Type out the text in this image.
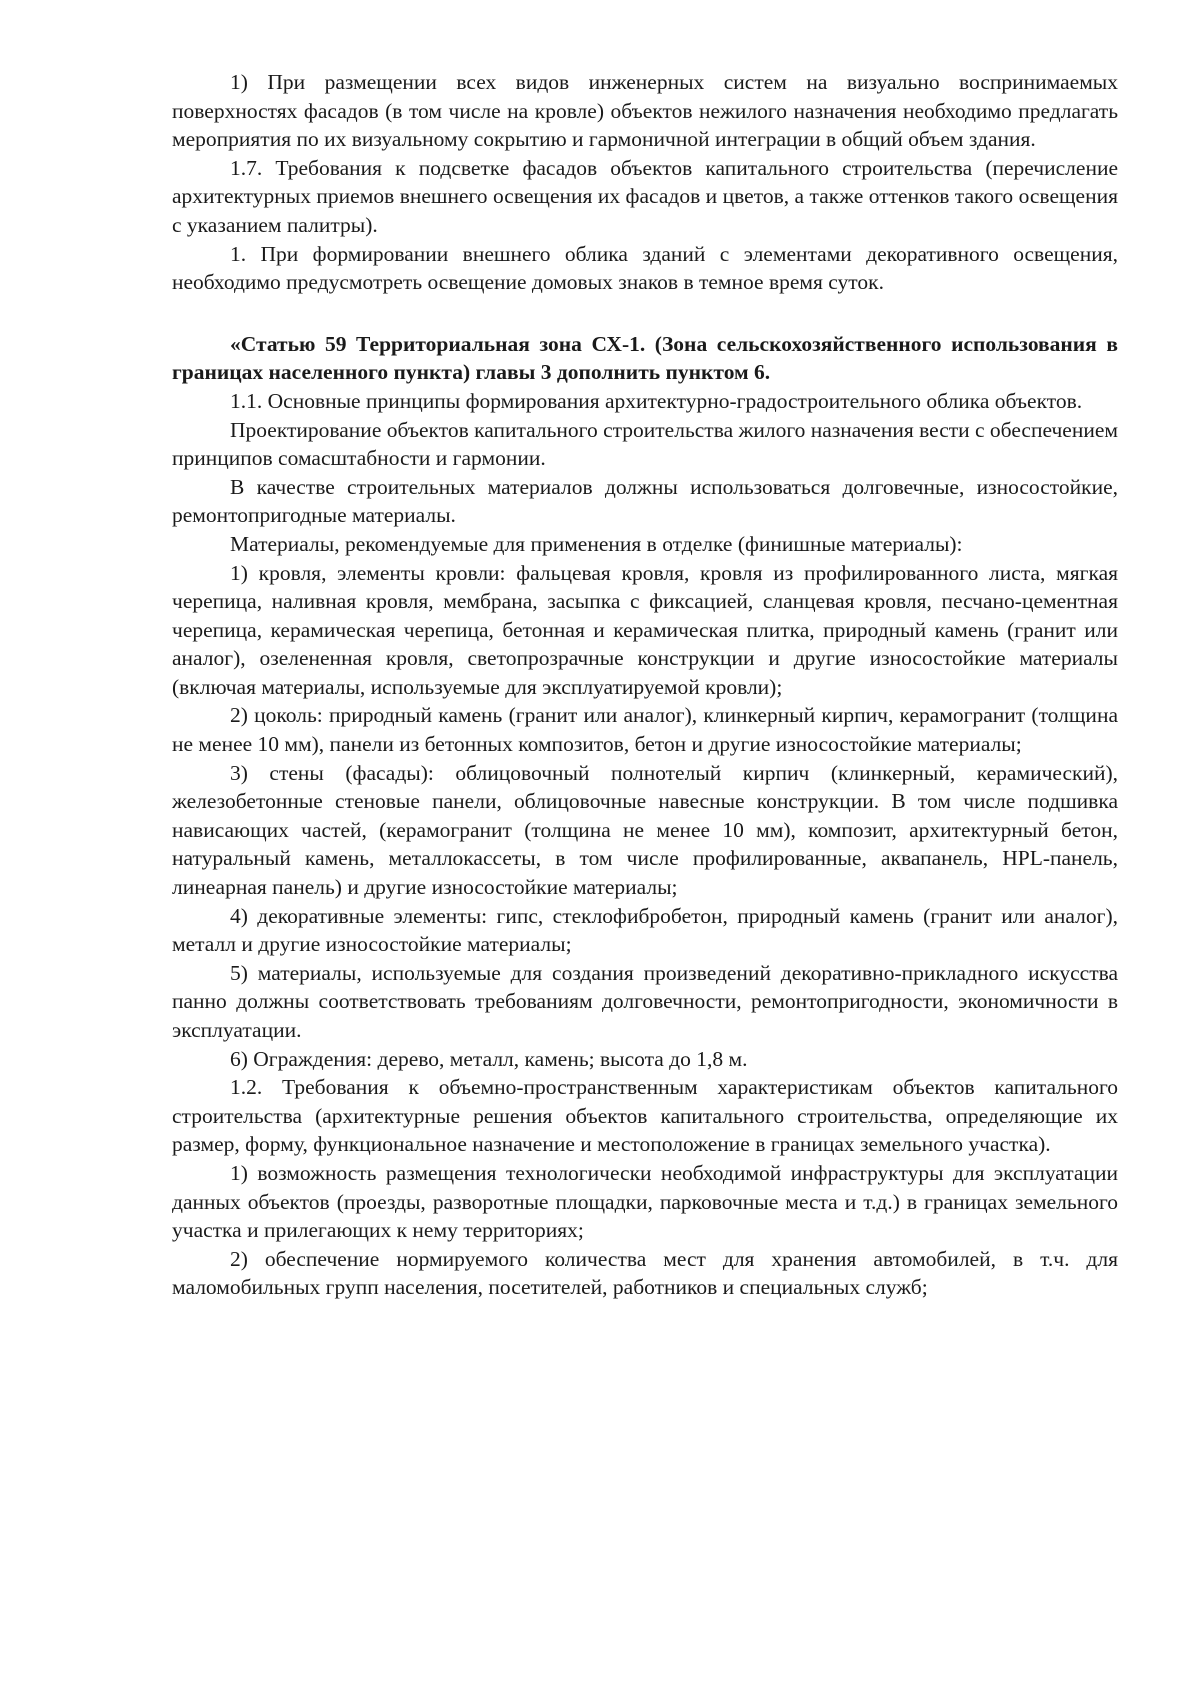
1) При размещении всех видов инженерных систем на визуально воспринимаемых поверхностях фасадов (в том числе на кровле) объектов нежилого назначения необходимо предлагать мероприятия по их визуальному сокрытию и гармоничной интеграции в общий объем здания.

1.7. Требования к подсветке фасадов объектов капитального строительства (перечисление архитектурных приемов внешнего освещения их фасадов и цветов, а также оттенков такого освещения с указанием палитры).

1. При формировании внешнего облика зданий с элементами декоративного освещения, необходимо предусмотреть освещение домовых знаков в темное время суток.

«Статью 59 Территориальная зона СХ-1. (Зона сельскохозяйственного использования в границах населенного пункта) главы 3 дополнить пунктом 6.

1.1. Основные принципы формирования архитектурно-градостроительного облика объектов.

Проектирование объектов капитального строительства жилого назначения вести с обеспечением принципов сомасштабности и гармонии.

В качестве строительных материалов должны использоваться долговечные, износостойкие, ремонтопригодные материалы.

Материалы, рекомендуемые для применения в отделке (финишные материалы):

1) кровля, элементы кровли: фальцевая кровля, кровля из профилированного листа, мягкая черепица, наливная кровля, мембрана, засыпка с фиксацией, сланцевая кровля, песчано-цементная черепица, керамическая черепица, бетонная и керамическая плитка, природный камень (гранит или аналог), озелененная кровля, светопрозрачные конструкции и другие износостойкие материалы (включая материалы, используемые для эксплуатируемой кровли);

2) цоколь: природный камень (гранит или аналог), клинкерный кирпич, керамогранит (толщина не менее 10 мм), панели из бетонных композитов, бетон и другие износостойкие материалы;

3) стены (фасады): облицовочный полнотелый кирпич (клинкерный, керамический), железобетонные стеновые панели, облицовочные навесные конструкции. В том числе подшивка нависающих частей, (керамогранит (толщина не менее 10 мм), композит, архитектурный бетон, натуральный камень, металлокассеты, в том числе профилированные, аквапанель, HPL-панель, линеарная панель) и другие износостойкие материалы;

4) декоративные элементы: гипс, стеклофибробетон, природный камень (гранит или аналог), металл и другие износостойкие материалы;

5) материалы, используемые для создания произведений декоративно-прикладного искусства панно должны соответствовать требованиям долговечности, ремонтопригодности, экономичности в эксплуатации.

6) Ограждения: дерево, металл, камень; высота до 1,8 м.

1.2. Требования к объемно-пространственным характеристикам объектов капитального строительства (архитектурные решения объектов капитального строительства, определяющие их размер, форму, функциональное назначение и местоположение в границах земельного участка).

1) возможность размещения технологически необходимой инфраструктуры для эксплуатации данных объектов (проезды, разворотные площадки, парковочные места и т.д.) в границах земельного участка и прилегающих к нему территориях;

2) обеспечение нормируемого количества мест для хранения автомобилей, в т.ч. для маломобильных групп населения, посетителей, работников и специальных служб;
